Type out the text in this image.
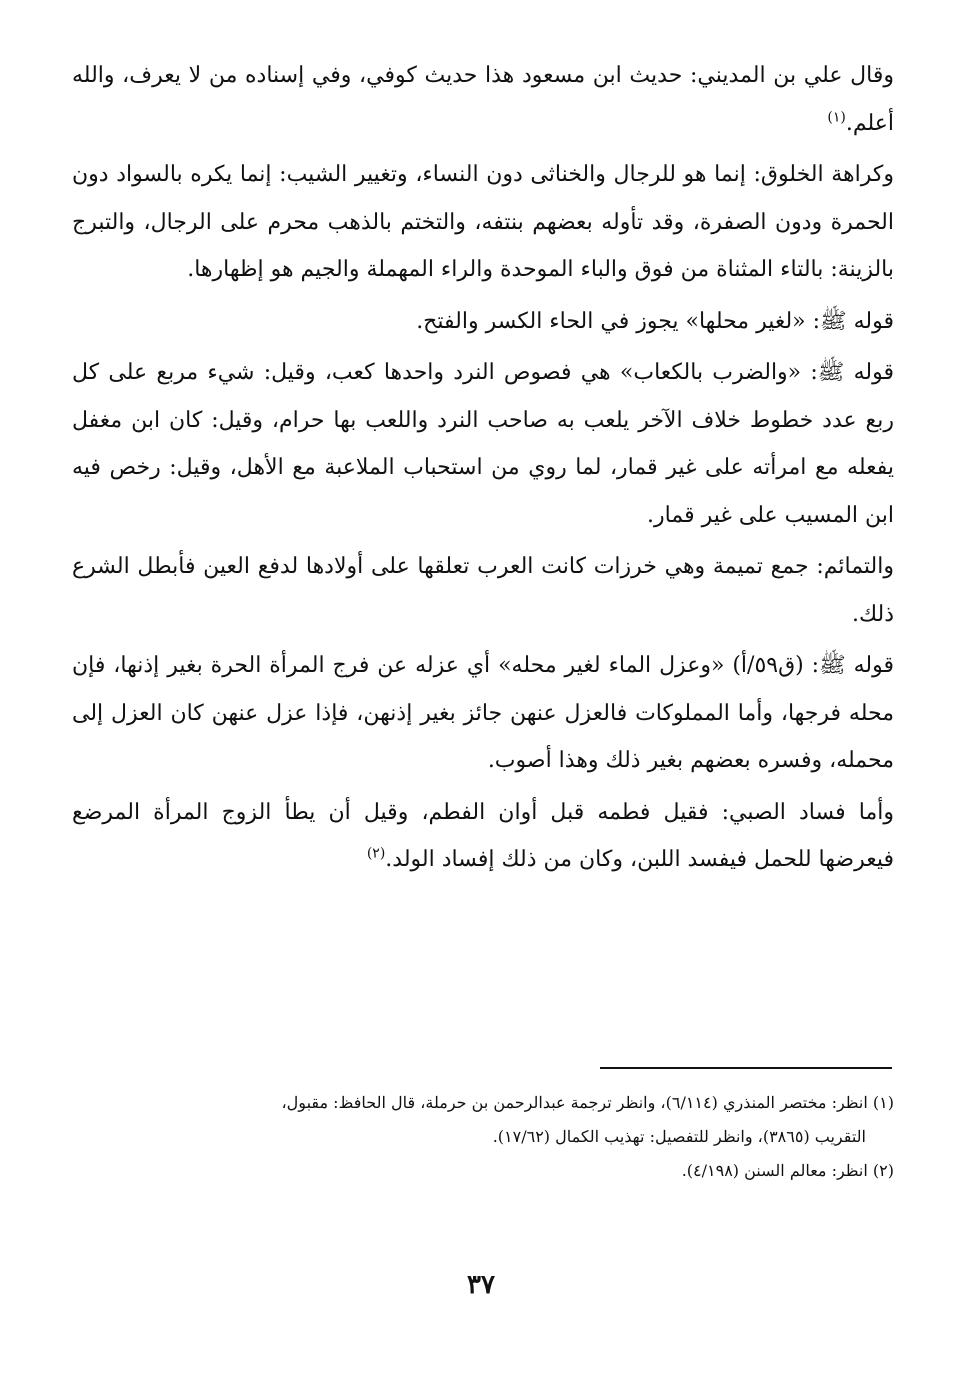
وقال علي بن المديني: حديث ابن مسعود هذا حديث كوفي، وفي إسناده من لا يعرف، والله أعلم.$^{(١)}$

وكراهة الخلوق: إنما هو للرجال والخناثى دون النساء، وتغيير الشيب: إنما يكره بالسواد دون الحمرة ودون الصفرة، وقد تأوله بعضهم بنتفه، والتختم بالذهب محرم على الرجال، والتبرج بالزينة: بالتاء المثناة من فوق والباء الموحدة والراء المهملة والجيم هو إظهارها.

قوله ﷺ: «لغير محلها» يجوز في الحاء الكسر والفتح.

قوله ﷺ: «والضرب بالكعاب» هي فصوص النرد واحدها كعب، وقيل: شيء مربع على كل ربع عدد خطوط خلاف الآخر يلعب به صاحب النرد واللعب بها حرام، وقيل: كان ابن مغفل يفعله مع امرأته على غير قمار، لما روي من استحباب الملاعبة مع الأهل، وقيل: رخص فيه ابن المسيب على غير قمار.

والتمائم: جمع تميمة وهي خرزات كانت العرب تعلقها على أولادها لدفع العين فأبطل الشرع ذلك.

قوله ﷺ: (ق٥٩/أ) «وعزل الماء لغير محله» أي عزله عن فرج المرأة الحرة بغير إذنها، فإن محله فرجها، وأما المملوكات فالعزل عنهن جائز بغير إذنهن، فإذا عزل عنهن كان العزل إلى محمله، وفسره بعضهم بغير ذلك وهذا أصوب.

وأما فساد الصبي: فقيل فطمه قبل أوان الفطم، وقيل أن يطأ الزوج المرأة المرضع فيعرضها للحمل فيفسد اللبن، وكان من ذلك إفساد الولد.$^{(٢)}$

(١) انظر: مختصر المنذري (٦/١١٤)، وانظر ترجمة عبدالرحمن بن حرملة، قال الحافظ: مقبول،

التقريب (٣٨٦٥)، وانظر للتفصيل: تهذيب الكمال (١٧/٦٢).

(٢) انظر: معالم السنن (٤/١٩٨).

٣٧
